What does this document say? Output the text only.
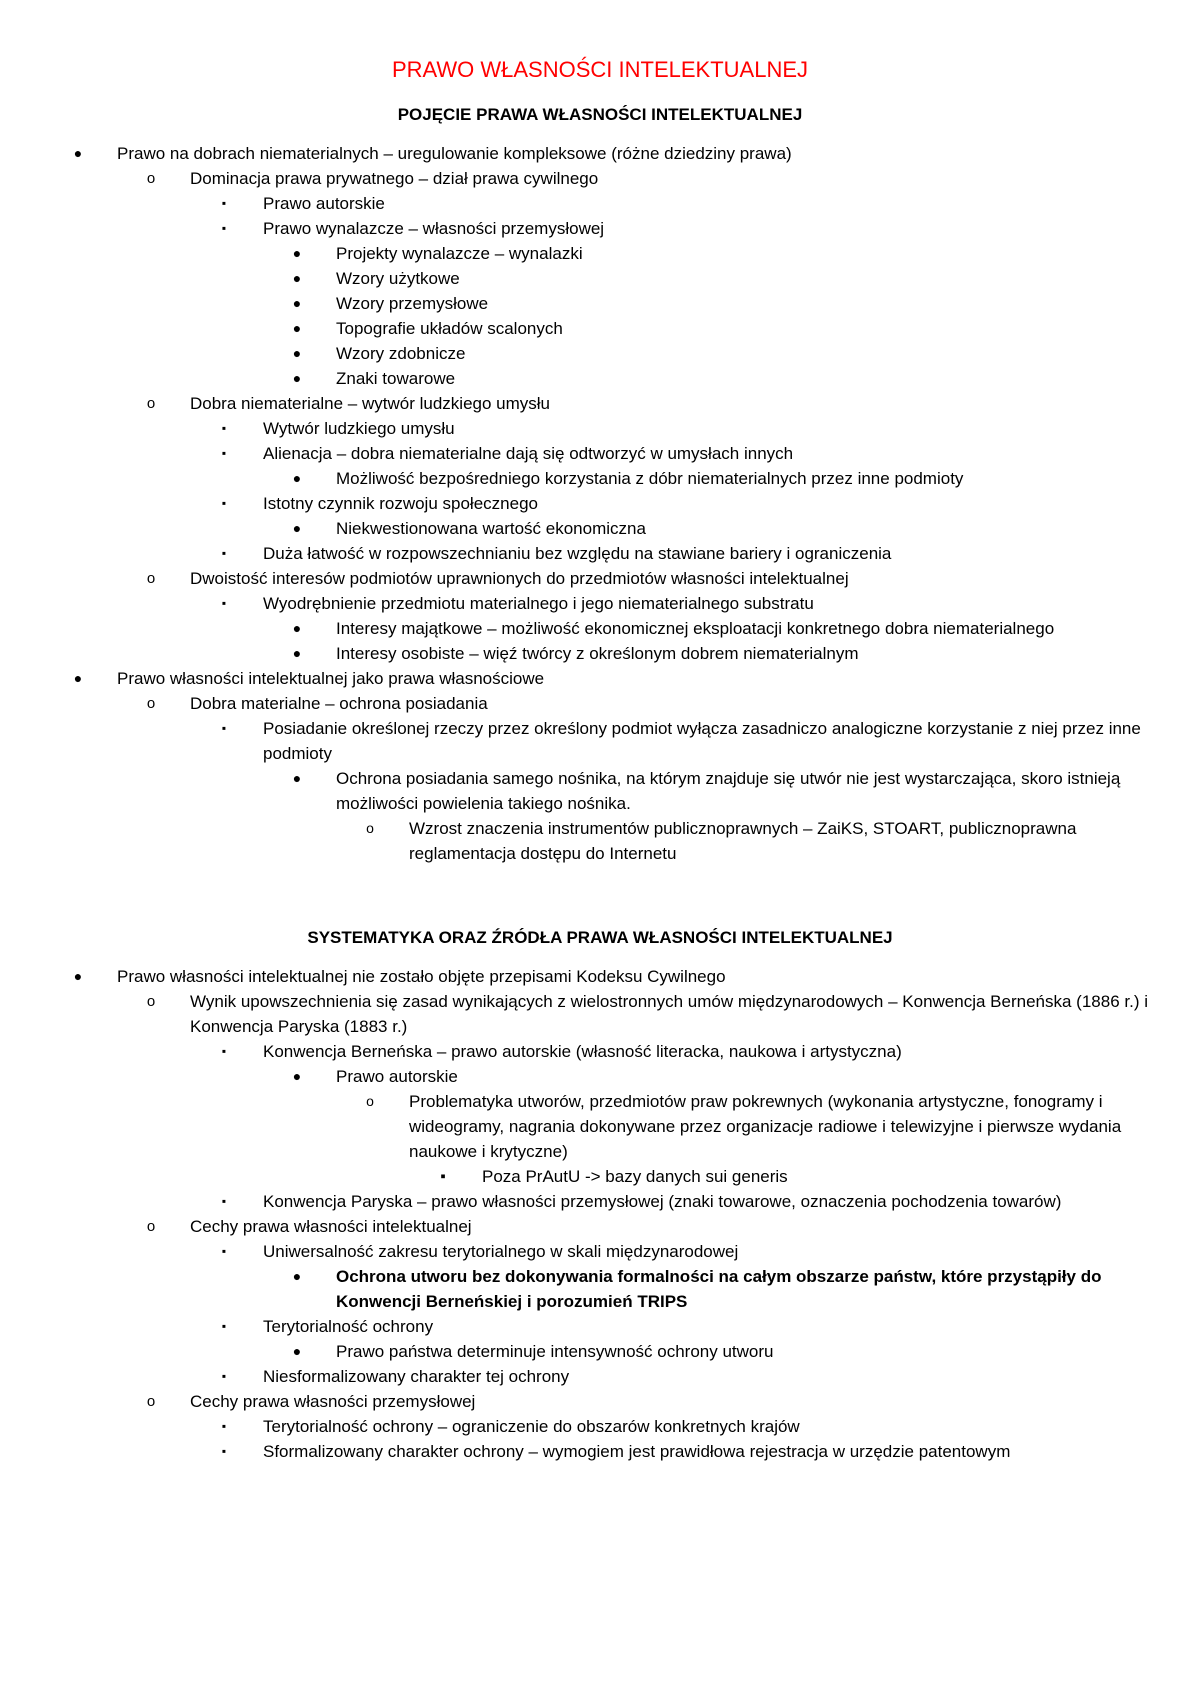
PRAWO WŁASNOŚCI INTELEKTUALNEJ
POJĘCIE PRAWA WŁASNOŚCI INTELEKTUALNEJ
●	Prawo na dobrach niematerialnych – uregulowanie kompleksowe (różne dziedziny prawa)
o	Dominacja prawa prywatnego – dział prawa cywilnego
▪	Prawo autorskie
▪	Prawo wynalazcze – własności przemysłowej
●	Projekty wynalazcze – wynalazki
●	Wzory użytkowe
●	Wzory przemysłowe
●	Topografie układów scalonych
●	Wzory zdobnicze
●	Znaki towarowe
o	Dobra niematerialne – wytwór ludzkiego umysłu
▪	Wytwór ludzkiego umysłu
▪	Alienacja – dobra niematerialne dają się odtworzyć w umysłach innych
●	Możliwość bezpośredniego korzystania z dóbr niematerialnych przez inne podmioty
▪	Istotny czynnik rozwoju społecznego
●	Niekwestionowana wartość ekonomiczna
▪	Duża łatwość w rozpowszechnianiu bez względu na stawiane bariery i ograniczenia
o	Dwoistość interesów podmiotów uprawnionych do przedmiotów własności intelektualnej
▪	Wyodrębnienie przedmiotu materialnego i jego niematerialnego substratu
●	Interesy majątkowe – możliwość ekonomicznej eksploatacji konkretnego dobra niematerialnego
●	Interesy osobiste – więź twórcy z określonym dobrem niematerialnym
●	Prawo własności intelektualnej jako prawa własnościowe
o	Dobra materialne – ochrona posiadania
▪	Posiadanie określonej rzeczy przez określony podmiot wyłącza zasadniczo analogiczne korzystanie z niej przez inne podmioty
●	Ochrona posiadania samego nośnika, na którym znajduje się utwór nie jest wystarczająca, skoro istnieją możliwości powielenia takiego nośnika.
o	Wzrost znaczenia instrumentów publicznoprawnych – ZaiKS, STOART, publicznoprawna reglamentacja dostępu do Internetu
SYSTEMATYKA ORAZ ŹRÓDŁA PRAWA WŁASNOŚCI INTELEKTUALNEJ
●	Prawo własności intelektualnej nie zostało objęte przepisami Kodeksu Cywilnego
o	Wynik upowszechnienia się zasad wynikających z wielostronnych umów międzynarodowych – Konwencja Berneńska (1886 r.) i Konwencja Paryska (1883 r.)
▪	Konwencja Berneńska – prawo autorskie (własność literacka, naukowa i artystyczna)
●	Prawo autorskie
o	Problematyka utworów, przedmiotów praw pokrewnych (wykonania artystyczne, fonogramy i wideogramy, nagrania dokonywane przez organizacje radiowe i telewizyjne i pierwsze wydania naukowe i krytyczne)
▪	Poza PrAutU -> bazy danych sui generis
▪	Konwencja Paryska – prawo własności przemysłowej (znaki towarowe, oznaczenia pochodzenia towarów)
o	Cechy prawa własności intelektualnej
▪	Uniwersalność zakresu terytorialnego w skali międzynarodowej
●	Ochrona utworu bez dokonywania formalności na całym obszarze państw, które przystąpiły do Konwencji Berneńskiej i porozumień TRIPS
▪	Terytorialność ochrony
●	Prawo państwa determinuje intensywność ochrony utworu
▪	Niesformalizowany charakter tej ochrony
o	Cechy prawa własności przemysłowej
▪	Terytorialność ochrony – ograniczenie do obszarów konkretnych krajów
▪	Sformalizowany charakter ochrony – wymogiem jest prawidłowa rejestracja w urzędzie patentowym
